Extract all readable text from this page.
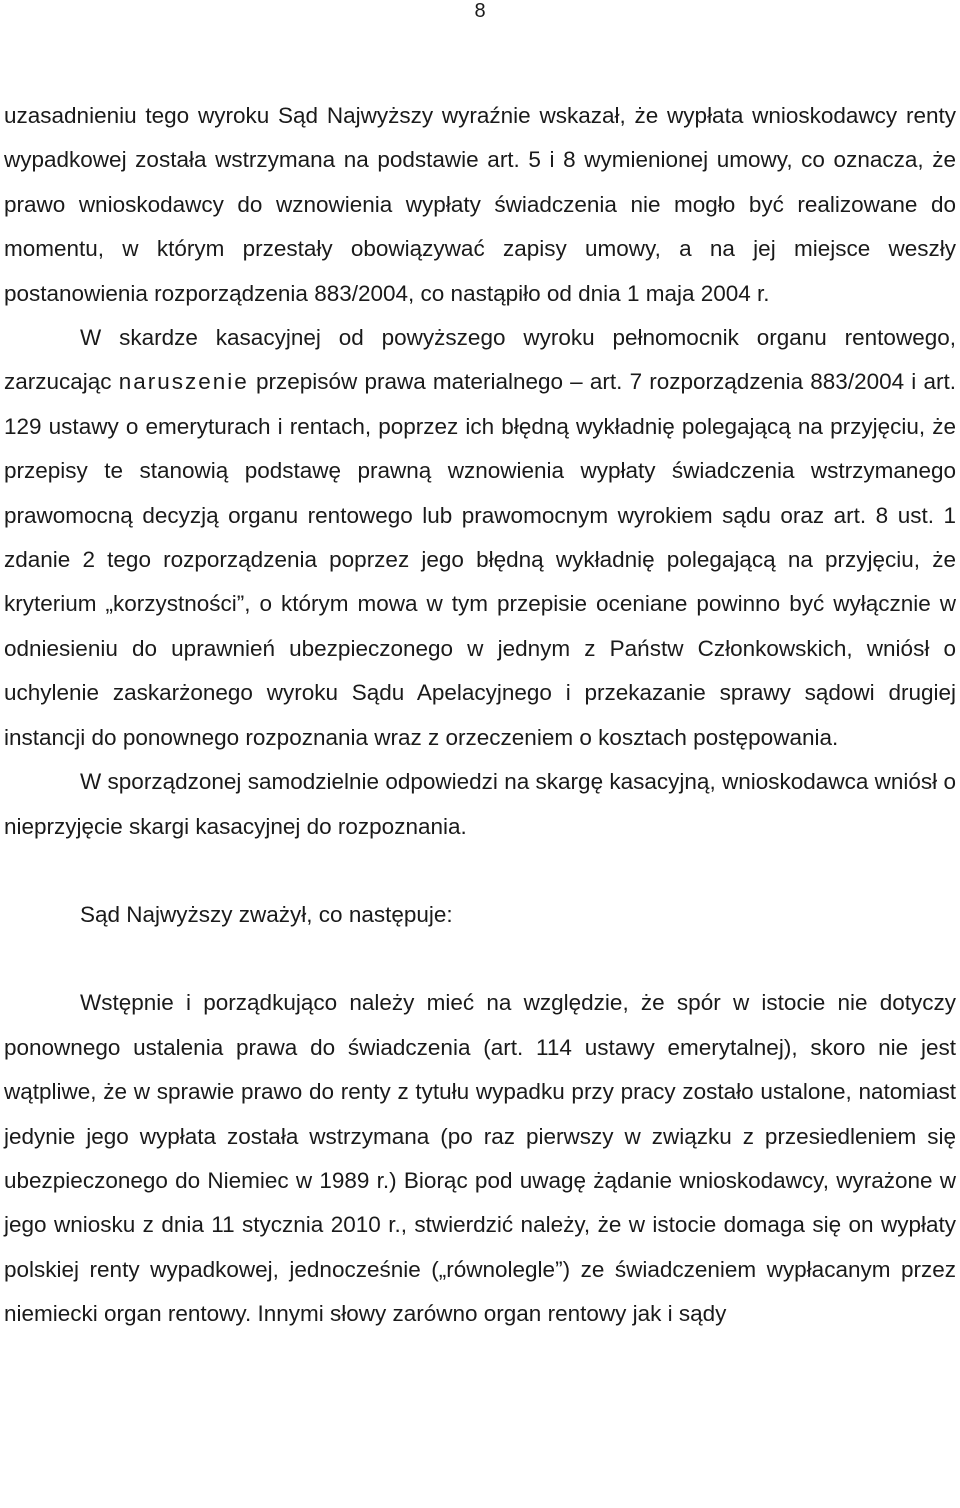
8

uzasadnieniu tego wyroku Sąd Najwyższy wyraźnie wskazał, że wypłata wnioskodawcy renty wypadkowej została wstrzymana na podstawie art. 5 i 8 wymienionej umowy, co oznacza, że prawo wnioskodawcy do wznowienia wypłaty świadczenia nie mogło być realizowane do momentu, w którym przestały obowiązywać zapisy umowy, a na jej miejsce weszły postanowienia rozporządzenia 883/2004, co nastąpiło od dnia 1 maja 2004 r.

W skardze kasacyjnej od powyższego wyroku pełnomocnik organu rentowego, zarzucając naruszenie przepisów prawa materialnego – art. 7 rozporządzenia 883/2004 i art. 129 ustawy o emeryturach i rentach, poprzez ich błędną wykładnię polegającą na przyjęciu, że przepisy te stanowią podstawę prawną wznowienia wypłaty świadczenia wstrzymanego prawomocną decyzją organu rentowego lub prawomocnym wyrokiem sądu oraz art. 8 ust. 1 zdanie 2 tego rozporządzenia poprzez jego błędną wykładnię polegającą na przyjęciu, że kryterium „korzystności”, o którym mowa w tym przepisie oceniane powinno być wyłącznie w odniesieniu do uprawnień ubezpieczonego w jednym z Państw Członkowskich, wniósł o uchylenie zaskarżonego wyroku Sądu Apelacyjnego i przekazanie sprawy sądowi drugiej instancji do ponownego rozpoznania wraz z orzeczeniem o kosztach postępowania.

W sporządzonej samodzielnie odpowiedzi na skargę kasacyjną, wnioskodawca wniósł o nieprzyjęcie skargi kasacyjnej do rozpoznania.

Sąd Najwyższy zważył, co następuje:

Wstępnie i porządkująco należy mieć na względzie, że spór w istocie nie dotyczy ponownego ustalenia prawa do świadczenia (art. 114 ustawy emerytalnej), skoro nie jest wątpliwe, że w sprawie prawo do renty z tytułu wypadku przy pracy zostało ustalone, natomiast jedynie jego wypłata została wstrzymana (po raz pierwszy w związku z przesiedleniem się ubezpieczonego do Niemiec w 1989 r.) Biorąc pod uwagę żądanie wnioskodawcy, wyrażone w jego wniosku z dnia 11 stycznia 2010 r., stwierdzić należy, że w istocie domaga się on wypłaty polskiej renty wypadkowej, jednocześnie („równolegle”) ze świadczeniem wypłacanym przez niemiecki organ rentowy. Innymi słowy zarówno organ rentowy jak i sądy
